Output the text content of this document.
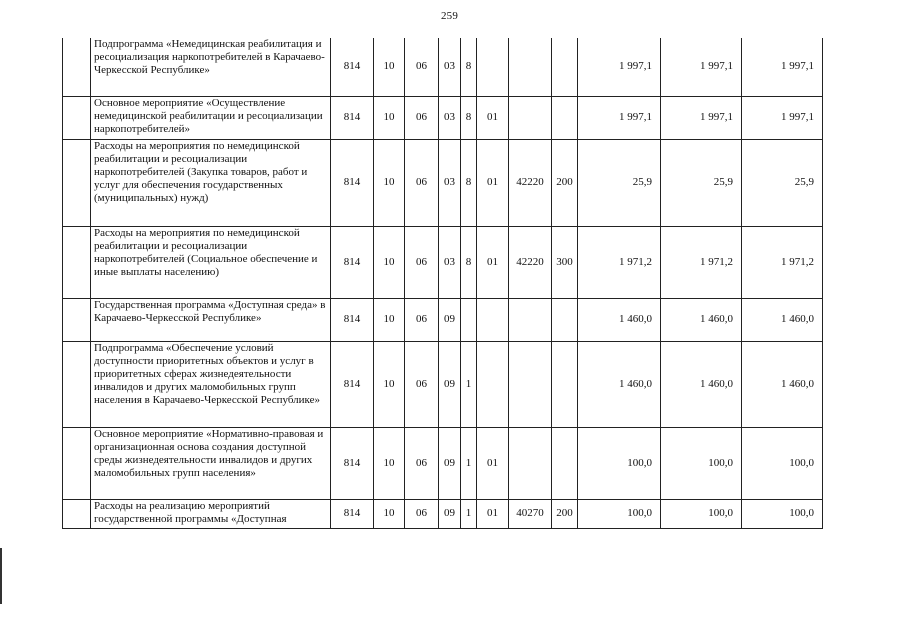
259
	Подпрограмма «Немедицинская реабилитация и ресоциализация наркопотребителей в Карачаево-Черкесской Республике»	814	10	06	03	8				1 997,1	1 997,1	1 997,1
	Основное мероприятие «Осуществление немедицинской реабилитации и ресоциализации наркопотребителей»	814	10	06	03	8	01			1 997,1	1 997,1	1 997,1
	Расходы на мероприятия по немедицинской реабилитации и ресоциализации наркопотребителей (Закупка товаров, работ и услуг для обеспечения государственных (муниципальных) нужд)	814	10	06	03	8	01	42220	200	25,9	25,9	25,9
	Расходы на мероприятия по немедицинской реабилитации и ресоциализации наркопотребителей (Социальное обеспечение и иные выплаты населению)	814	10	06	03	8	01	42220	300	1 971,2	1 971,2	1 971,2
	Государственная программа «Доступная среда» в Карачаево-Черкесской Республике»	814	10	06	09					1 460,0	1 460,0	1 460,0
	Подпрограмма «Обеспечение условий доступности приоритетных объектов и услуг в приоритетных сферах жизнедеятельности инвалидов и других маломобильных групп населения в Карачаево-Черкесской Республике»	814	10	06	09	1				1 460,0	1 460,0	1 460,0
	Основное мероприятие «Нормативно-правовая и организационная основа создания доступной среды жизнедеятельности инвалидов и других маломобильных групп населения»	814	10	06	09	1	01			100,0	100,0	100,0
	Расходы на реализацию мероприятий государственной программы «Доступная	814	10	06	09	1	01	40270	200	100,0	100,0	100,0
